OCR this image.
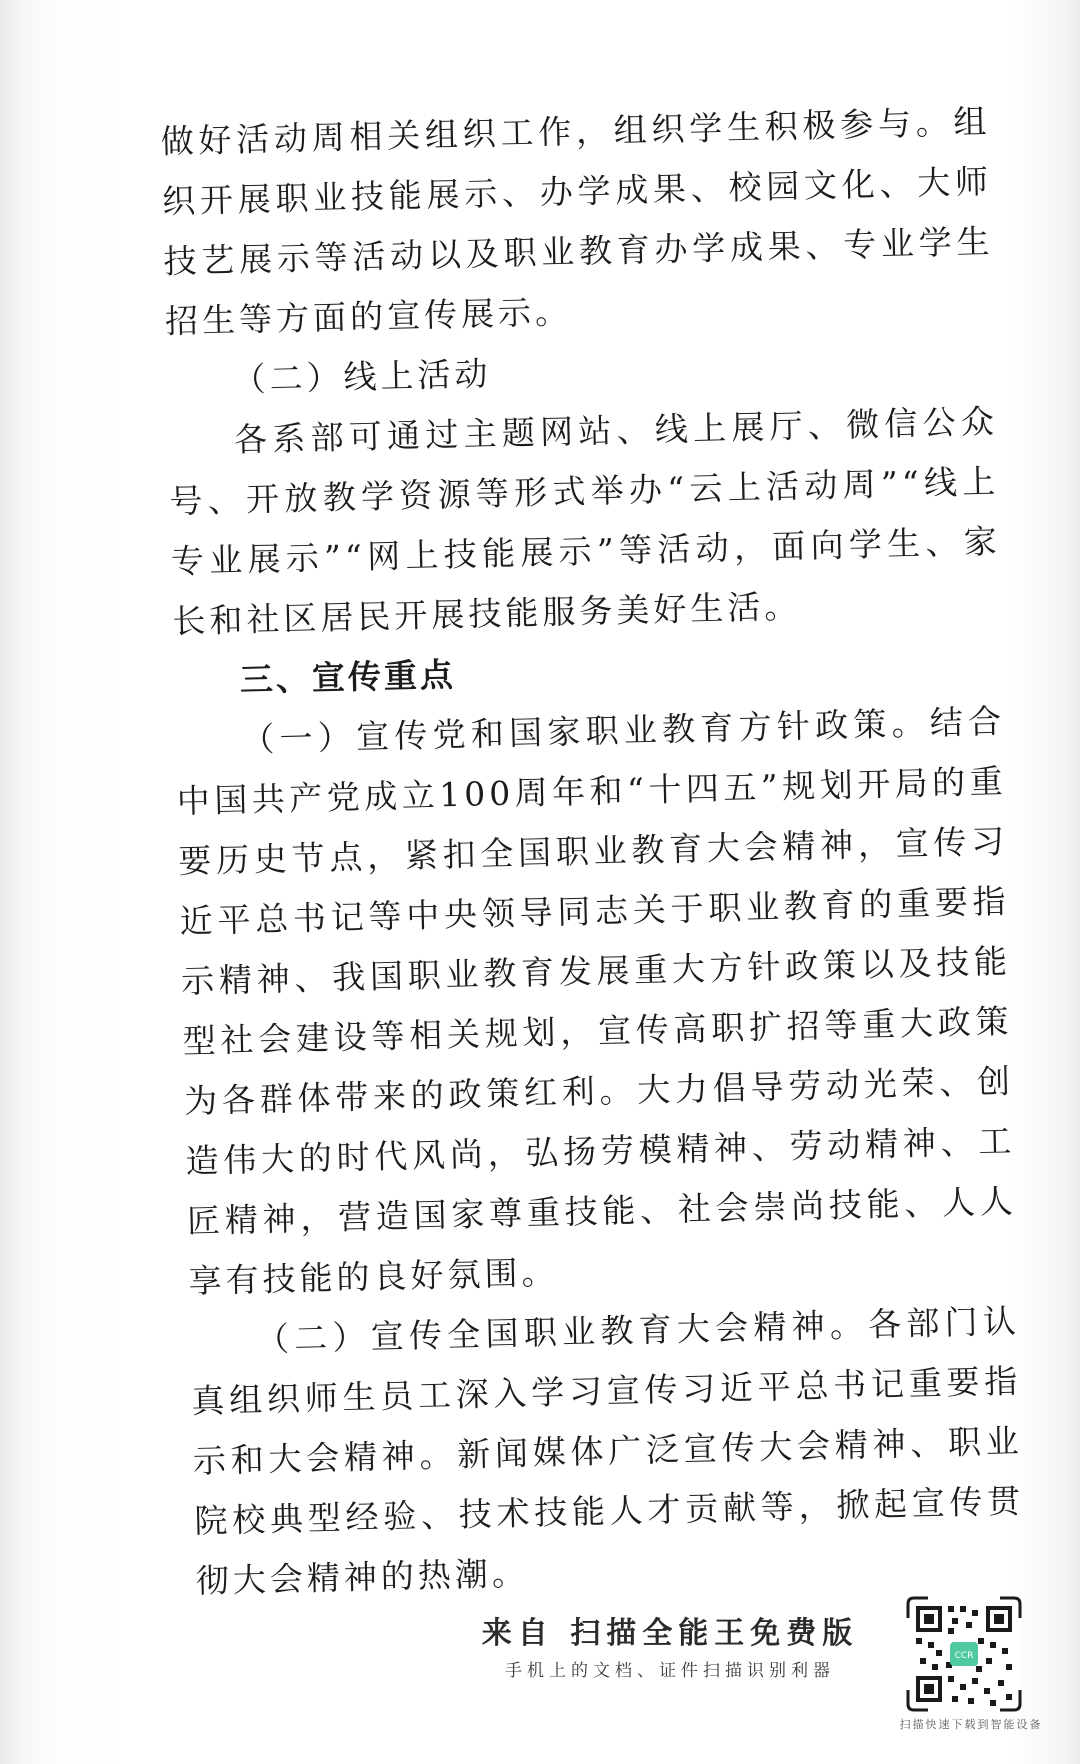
做好活动周相关组织工作，组织学生积极参与。组织开展职业技能展示、办学成果、校园文化、大师技艺展示等活动以及职业教育办学成果、专业学生招生等方面的宣传展示。

（二）线上活动

各系部可通过主题网站、线上展厅、微信公众号、开放教学资源等形式举办“云上活动周”“线上专业展示”“网上技能展示”等活动，面向学生、家长和社区居民开展技能服务美好生活。

三、宣传重点

（一）宣传党和国家职业教育方针政策。结合中国共产党成立100周年和“十四五”规划开局的重要历史节点，紧扣全国职业教育大会精神，宣传习近平总书记等中央领导同志关于职业教育的重要指示精神、我国职业教育发展重大方针政策以及技能型社会建设等相关规划，宣传高职扩招等重大政策为各群体带来的政策红利。大力倡导劳动光荣、创造伟大的时代风尚，弘扬劳模精神、劳动精神、工匠精神，营造国家尊重技能、社会崇尚技能、人人享有技能的良好氛围。

（二）宣传全国职业教育大会精神。各部门认真组织师生员工深入学习宣传习近平总书记重要指示和大会精神。新闻媒体广泛宣传大会精神、职业院校典型经验、技术技能人才贡献等，掀起宣传贯彻大会精神的热潮。

来自 扫描全能王免费版
手机上的文档、证件扫描识别利器
CCR
扫描快速下载到智能设备
